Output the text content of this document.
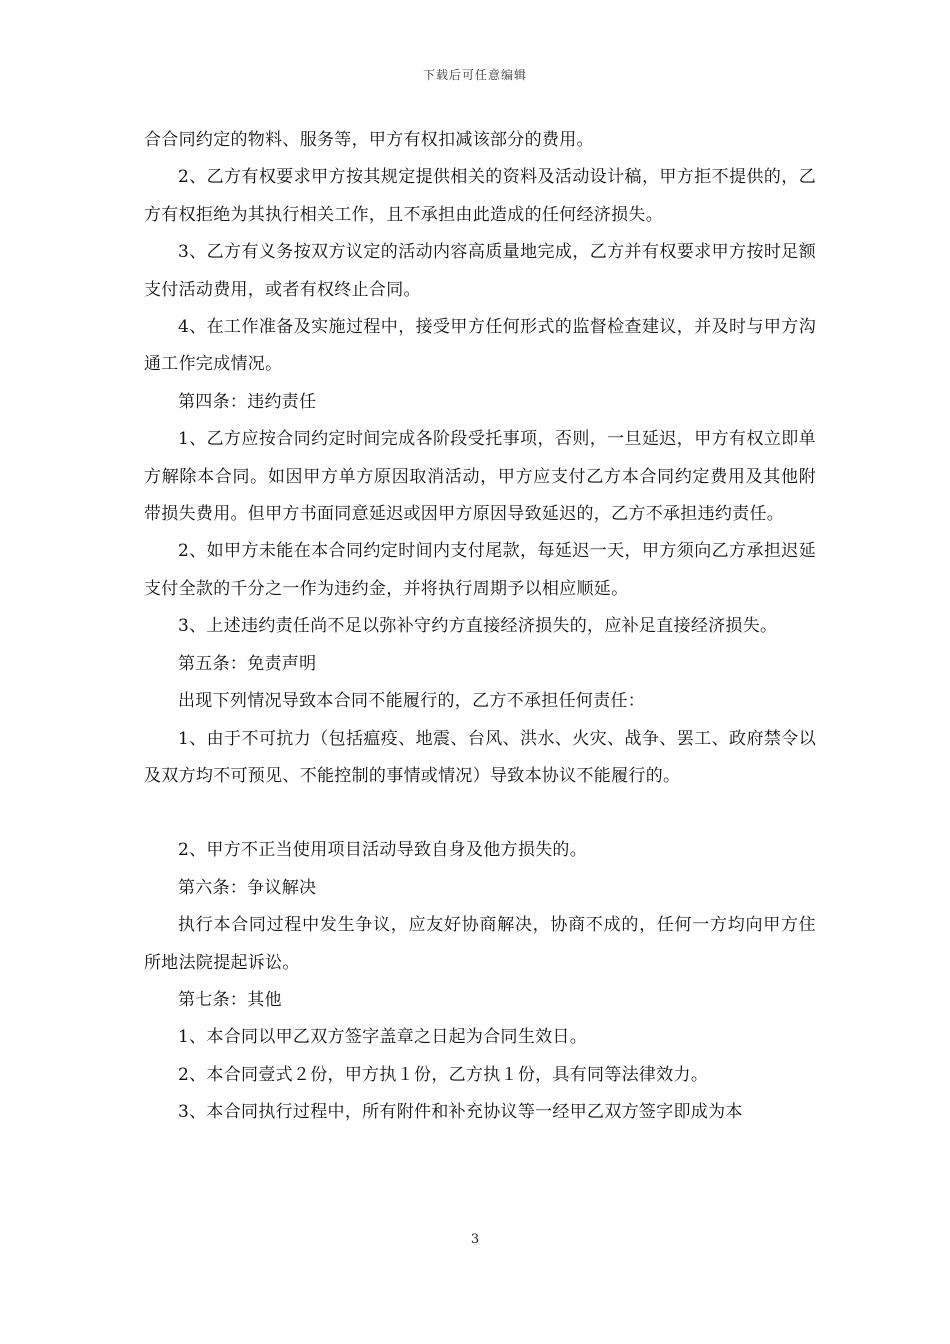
下载后可任意编辑

合合同约定的物料、服务等，甲方有权扣减该部分的费用。

2、乙方有权要求甲方按其规定提供相关的资料及活动设计稿，甲方拒不提供的，乙方有权拒绝为其执行相关工作，且不承担由此造成的任何经济损失。

3、乙方有义务按双方议定的活动内容高质量地完成，乙方并有权要求甲方按时足额支付活动费用，或者有权终止合同。

4、在工作准备及实施过程中，接受甲方任何形式的监督检查建议，并及时与甲方沟通工作完成情况。

第四条：违约责任

1、乙方应按合同约定时间完成各阶段受托事项，否则，一旦延迟，甲方有权立即单方解除本合同。如因甲方单方原因取消活动，甲方应支付乙方本合同约定费用及其他附带损失费用。但甲方书面同意延迟或因甲方原因导致延迟的，乙方不承担违约责任。

2、如甲方未能在本合同约定时间内支付尾款，每延迟一天，甲方须向乙方承担迟延支付全款的千分之一作为违约金，并将执行周期予以相应顺延。

3、上述违约责任尚不足以弥补守约方直接经济损失的，应补足直接经济损失。

第五条：免责声明

出现下列情况导致本合同不能履行的，乙方不承担任何责任：

1、由于不可抗力（包括瘟疫、地震、台风、洪水、火灾、战争、罢工、政府禁令以及双方均不可预见、不能控制的事情或情况）导致本协议不能履行的。

2、甲方不正当使用项目活动导致自身及他方损失的。

第六条：争议解决

执行本合同过程中发生争议，应友好协商解决，协商不成的，任何一方均向甲方住所地法院提起诉讼。

第七条：其他

1、本合同以甲乙双方签字盖章之日起为合同生效日。

2、本合同壹式２份，甲方执１份，乙方执１份，具有同等法律效力。

3、本合同执行过程中，所有附件和补充协议等一经甲乙双方签字即成为本

3
